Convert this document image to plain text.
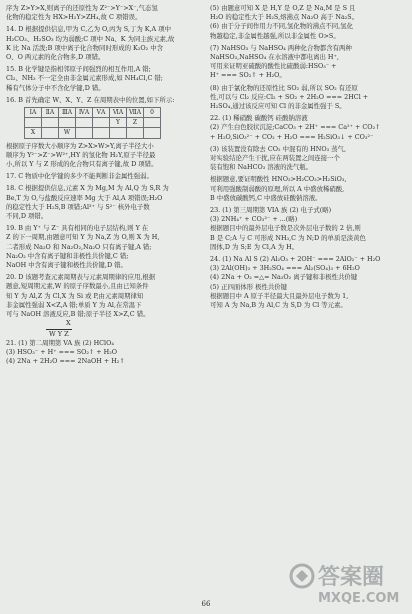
序为 Z>Y>X,则离子的还原性为 Z²⁻>Y⁻>X⁻,气态氢
化物的稳定性为 HX>H₂Y>ZH₄,故 C 项错误。
14. D 根据提供信息,甲为 C,乙为 O,丙为 S,丁为 K,A 项中
H₂CO₃、H₂SO₃ 均为弱酸;C 项中 Na、K 为同主族元素,故
K 比 Na 活泼;B 项中离子化合物同时形成的 K₂O₂ 中含
O、O 两元素的化合物多,D 项错。
15. B 化学键是指相邻原子间强烈的相互作用,A 错;
Cl₂、NH₃ 不一定全由非金属元素形成,如 NH₄Cl,C 错;
稀有气体分子中不含化学键,D 错。
16. B 首先确定 W、X、Y、Z 在周期表中的位置,如下所示:
ⅠA	ⅡA	ⅢA	ⅣA	ⅤA	ⅥA	ⅦA	0
					Y	Z	
X		W					
根据原子序数大小顺序为 Z>X>W>Y,离子半径大小
顺序为 Y²⁻>Z⁻>W²⁺,HY 的氢化物 H₂Y,原子半径最
小,所以 Y 与 Z 形成的化合物只有离子键,故 D 项错。
17. C 物质中化学键的多少不能判断非金属性强弱。
18. C 根据提供信息,元素 X 为 Mg,M 为 Al,Q 为 S,R 为
Be,T 为 O,与盐酸反应速率 Mg 大于 Al,A 项错误;H₂O
的稳定性大于 H₂S,B 项错;Al³⁺ 与 S²⁻ 核外电子数
不同,D 项错。
19. B 由 Y⁺ 与 Z⁻ 具有相同的电子层结构,则 Y 在
Z 的下一周期,由题意可知 Y 为 Na,Z 为 O,则 X 为 H,
二者形成 Na₂O 和 Na₂O₂,Na₂O 只有离子键,A 错;
Na₂O₂ 中含有离子键和非极性共价键,C 错;
NaOH 中含有离子键和极性共价键,D 错。
20. D 该题考查元素周期表与元素周期律的应用,根据
题意,短周期元素,W 的原子序数最小,且由已知条件
知 Y 为 Al,Z 为 Cl,X 为 Si 或 P,由元素周期律知
非金属性强弱 X<Z,A 错;单质 Y 为 Al,在常温下
可与 NaOH 溶液反应,B 错;原子半径 X>Z,C 错。
X
W Y Z
21. (1) 第二周期第 VA 族 (2) HClO₄
(3) HSO₃⁻ + H⁺ === SO₂↑ + H₂O
(4) 2Na + 2H₂O === 2NaOH + H₂↑
(5) 由题意可知 X 是 H,Y 是 O,Z 是 Na,M 是 S 且
H₂O 的稳定性大于 H₂S,熔沸点 Na₂O 高于 Na₂S。
(6) 由于分子间作用力不同,氢化物的沸点不同,氢化
物越稳定,非金属性越强,所以非金属性 O>S。
(7) NaHSO₃ 与 NaHSO₄ 两种化合物都含有两种
NaHSO₃,NaHSO₄ 在水溶液中都电离出 H⁺,
可用来证明亚硫酸的酸性比硫酸弱:HSO₃⁻ +
H⁺ === SO₂↑ + H₂O。
(8) 由于氯化物的还原性比 SO₂ 弱,所以 SO₂ 有还原
性,可以与 Cl₂ 反应:Cl₂ + SO₂ + 2H₂O === 2HCl +
H₂SO₄,通过该反应可知 Cl 的非金属性强于 S。
22. (1) 稀硝酸 碳酸钙 硅酸钠溶液
(2) 产生白色胶状沉淀;CaCO₃ + 2H⁺ === Ca²⁺ + CO₂↑
+ H₂O,SiO₃²⁻ + CO₂ + H₂O === H₂SiO₃↓ + CO₃²⁻
(3) 该装置没有除去 CO₂ 中混有的 HNO₃ 蒸气,
对实验结论产生干扰,应在两装置之间连接一个
装有饱和 NaHCO₃ 溶液的洗气瓶。
根据题意,要证明酸性 HNO₃>H₂CO₃>H₂SiO₃,
可利用强酸制弱酸的原理,所以 A 中盛放稀硝酸,
B 中盛放碳酸钙,C 中盛放硅酸钠溶液。
23. (1) 第三周期第 VIA 族 (2) 电子式(略)
(3) 2NH₄⁺ + CO₃²⁻ + ...(略)
根据题目中的最外层电子数是次外层电子数的 2 倍,则
B 是 C;A 与 C 可形成 NH₃,C 为 N;D 的单质是淡黄色
固体,D 为 S;E 为 Cl,A 为 H。
24. (1) Na Al S (2) Al₂O₃ + 2OH⁻ === 2AlO₂⁻ + H₂O
(3) 2Al(OH)₃ + 3H₂SO₄ === Al₂(SO₄)₃ + 6H₂O
(4) 2Na + O₂ =△= Na₂O₂ 离子键和非极性共价键
(5) 正四面体形 极性共价键
根据题目中 A 原子半径最大且最外层电子数为 1,
可知 A 为 Na,B 为 Al,C 为 S,D 为 Cl 等元素。
66
答案圈
MXQE.COM
